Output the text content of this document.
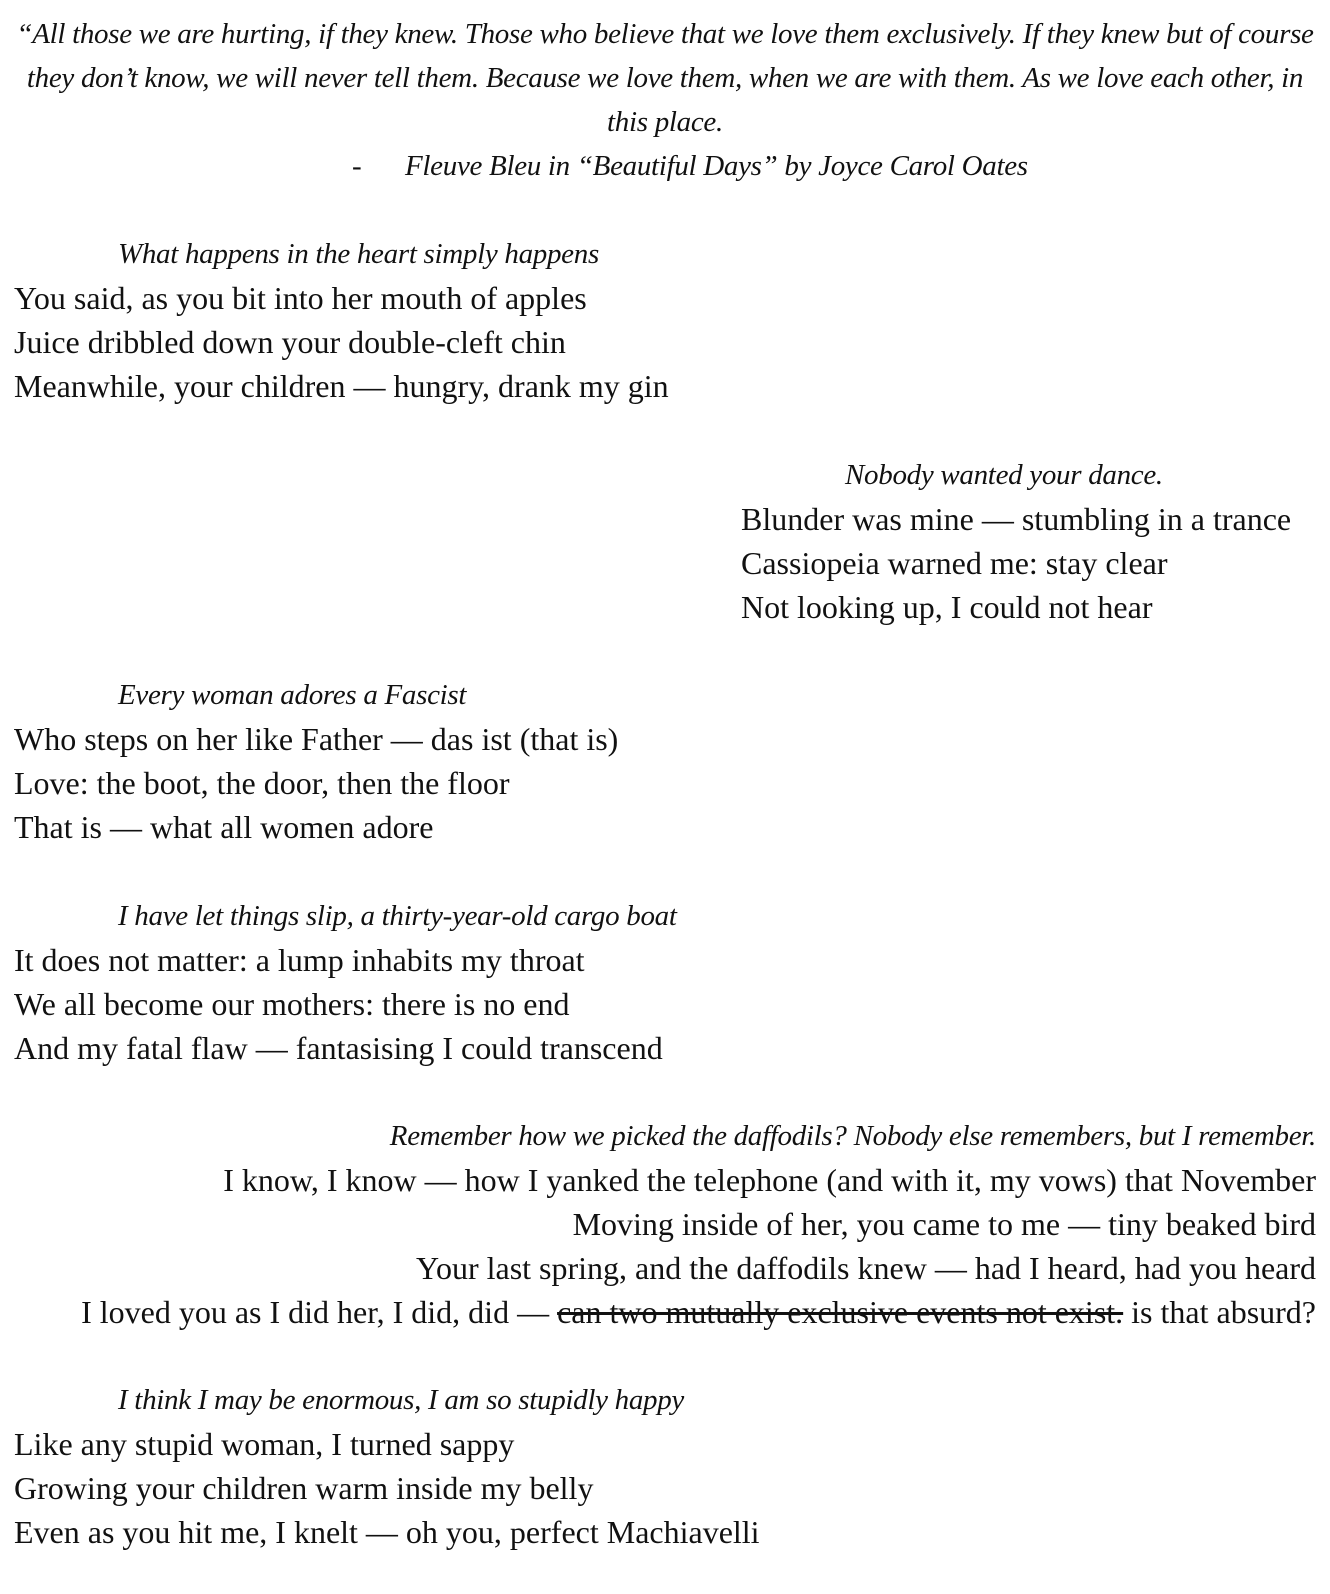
“All those we are hurting, if they knew. Those who believe that we love them exclusively. If they knew but of course they don’t know, we will never tell them. Because we love them, when we are with them. As we love each other, in this place.
- Fleuve Bleu in “Beautiful Days” by Joyce Carol Oates
What happens in the heart simply happens
You said, as you bit into her mouth of apples
Juice dribbled down your double-cleft chin
Meanwhile, your children — hungry, drank my gin
Nobody wanted your dance.
Blunder was mine — stumbling in a trance
Cassiopeia warned me: stay clear
Not looking up, I could not hear
Every woman adores a Fascist
Who steps on her like Father — das ist (that is)
Love: the boot, the door, then the floor
That is — what all women adore
I have let things slip, a thirty-year-old cargo boat
It does not matter: a lump inhabits my throat
We all become our mothers: there is no end
And my fatal flaw — fantasising I could transcend
Remember how we picked the daffodils? Nobody else remembers, but I remember.
I know, I know — how I yanked the telephone (and with it, my vows) that November
Moving inside of her, you came to me — tiny beaked bird
Your last spring, and the daffodils knew — had I heard, had you heard
I loved you as I did her, I did, did — can two mutually exclusive events not exist. is that absurd?
I think I may be enormous, I am so stupidly happy
Like any stupid woman, I turned sappy
Growing your children warm inside my belly
Even as you hit me, I knelt — oh you, perfect Machiavelli
